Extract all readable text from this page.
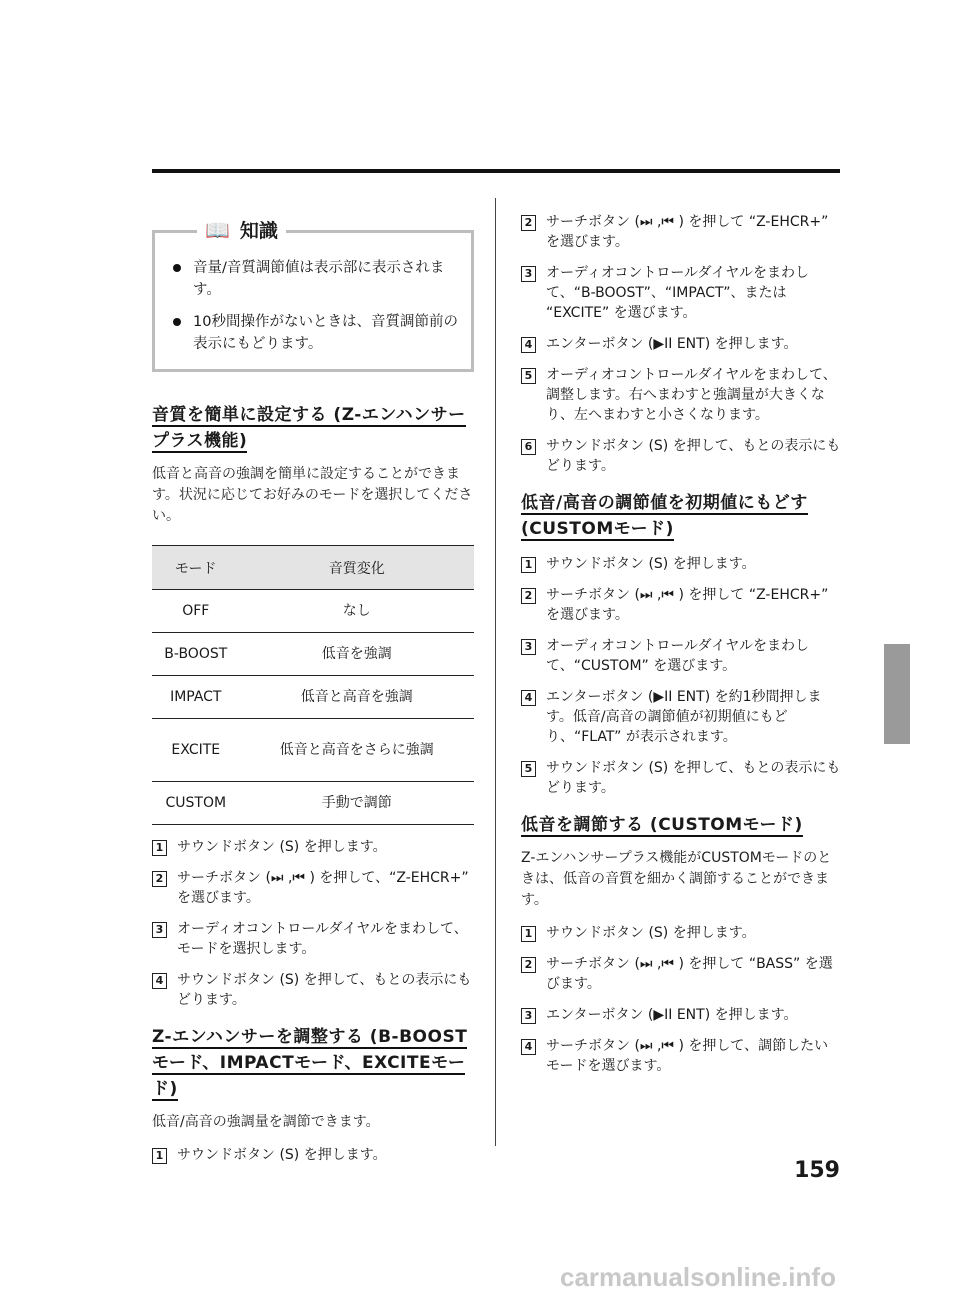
📖 知識
音量/音質調節値は表示部に表示されます。
10秒間操作がないときは、音質調節前の表示にもどります。
音質を簡単に設定する (Z-エンハンサープラス機能)

低音と高音の強調を簡単に設定することができます。状況に応じてお好みのモードを選択してください。

モード	音質変化
OFF	なし
B-BOOST	低音を強調
IMPACT	低音と高音を強調
EXCITE	低音と高音をさらに強調
CUSTOM	手動で調節
1 サウンドボタン (S) を押します。
2 サーチボタン (⏭ ,⏮ ) を押して、“Z-EHCR+” を選びます。
3 オーディオコントロールダイヤルをまわして、モードを選択します。
4 サウンドボタン (S) を押して、もとの表示にもどります。
Z-エンハンサーを調整する (B-BOOSTモード、IMPACTモード、EXCITEモード)

低音/高音の強調量を調節できます。

1 サウンドボタン (S) を押します。
2 サーチボタン (⏭ ,⏮ ) を押して “Z-EHCR+” を選びます。
3 オーディオコントロールダイヤルをまわして、“B-BOOST”、“IMPACT”、または “EXCITE” を選びます。
4 エンターボタン (▶II ENT) を押します。
5 オーディオコントロールダイヤルをまわして、調整します。右へまわすと強調量が大きくなり、左へまわすと小さくなります。
6 サウンドボタン (S) を押して、もとの表示にもどります。
低音/高音の調節値を初期値にもどす (CUSTOMモード)
1 サウンドボタン (S) を押します。
2 サーチボタン (⏭ ,⏮ ) を押して “Z-EHCR+” を選びます。
3 オーディオコントロールダイヤルをまわして、“CUSTOM” を選びます。
4 エンターボタン (▶II ENT) を約1秒間押します。低音/高音の調節値が初期値にもどり、“FLAT” が表示されます。
5 サウンドボタン (S) を押して、もとの表示にもどります。
低音を調節する (CUSTOMモード)

Z-エンハンサープラス機能がCUSTOMモードのときは、低音の音質を細かく調節することができます。

1 サウンドボタン (S) を押します。
2 サーチボタン (⏭ ,⏮ ) を押して “BASS” を選びます。
3 エンターボタン (▶II ENT) を押します。
4 サーチボタン (⏭ ,⏮ ) を押して、調節したいモードを選びます。
159
carmanualsonline.info
